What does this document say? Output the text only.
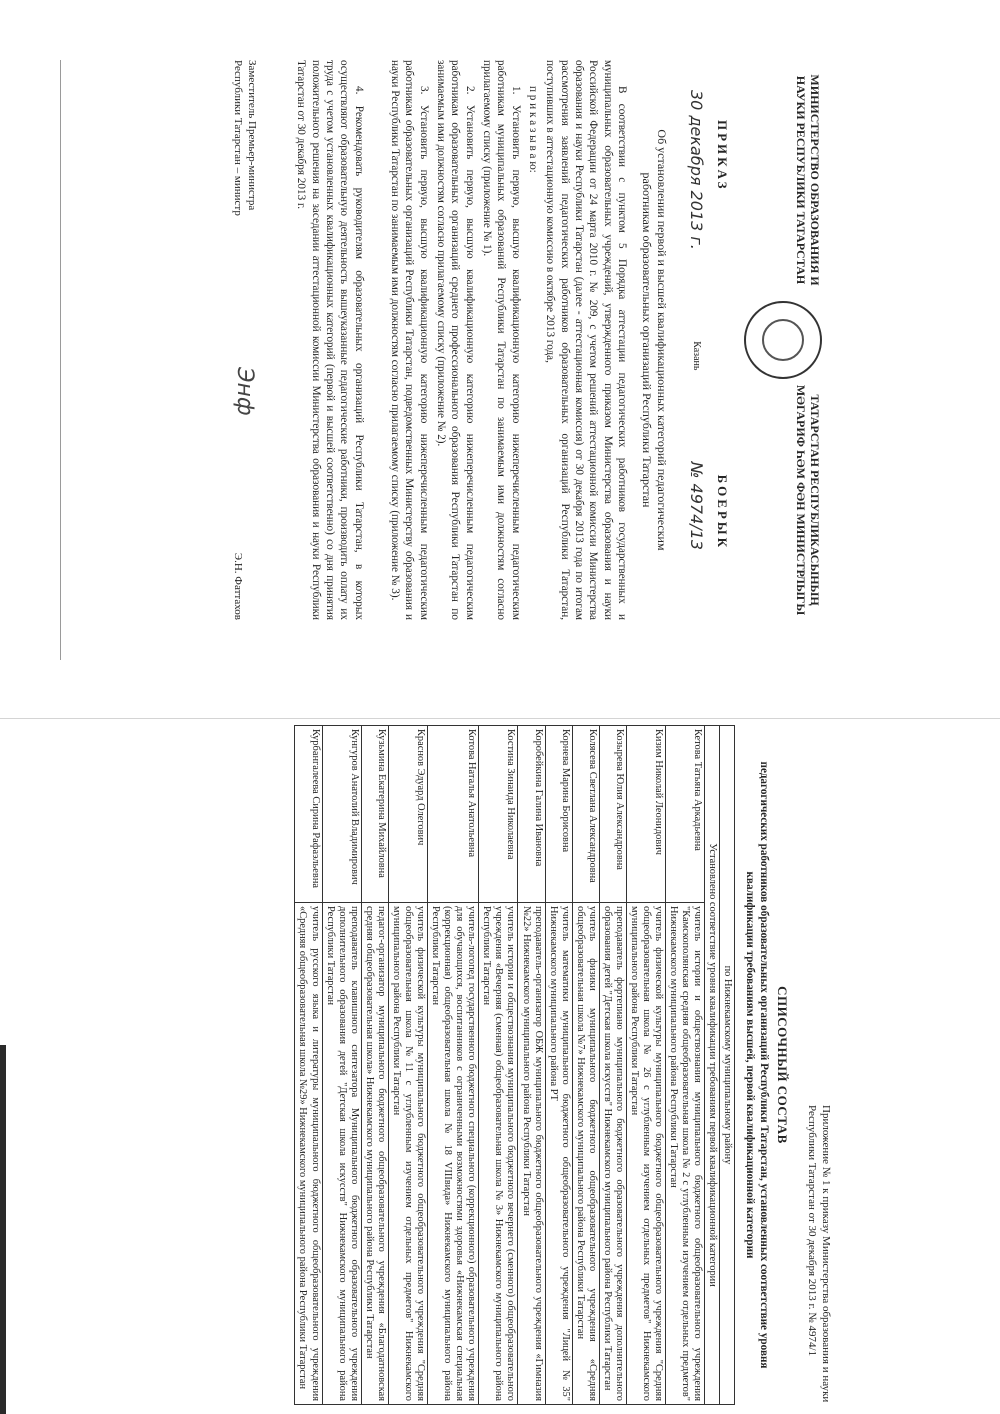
МИНИСТЕРСТВО ОБРАЗОВАНИЯ И НАУКИ РЕСПУБЛИКИ ТАТАРСТАН
ТАТАРСТАН РЕСПУБЛИКАСЫНЫҢ МӘГАРИФ ҺӘМ ФӘН МИНИСТРЛЫГЫ
ПРИКАЗ
БОЕРЫК
30 декабря 2013 г.
Казань
№ 4974/13
Об установлении первой и высшей квалификационных категорий педагогическим работникам образовательных организаций Республики Татарстан

В соответствии с пунктом 5 Порядка аттестации педагогических работников государственных и муниципальных образовательных учреждений, утвержденного приказом Министерства образования и науки Российской Федерации от 24 марта 2010 г. № 209, с учетом решений аттестационной комиссии Министерства образования и науки Республики Татарстан (далее - аттестационная комиссия) от 30 декабря 2013 года по итогам рассмотрения заявлений педагогических работников образовательных организаций Республики Татарстан, поступивших в аттестационную комиссию в октябре 2013 года,

п р и к а з ы в а ю:

1. Установить первую, высшую квалификационную категорию нижеперечисленным педагогическим работникам муниципальных образований Республики Татарстан по занимаемым ими должностям согласно прилагаемому списку (приложение № 1).

2. Установить первую, высшую квалификационную категорию нижеперечисленным педагогическим работникам образовательных организаций среднего профессионального образования Республики Татарстан по занимаемым ими должностям согласно прилагаемому списку (приложение № 2).

3. Установить первую, высшую квалификационную категорию нижеперечисленным педагогическим работникам образовательных организаций Республики Татарстан, подведомственных Министерству образования и науки Республики Татарстан по занимаемым ими должностям согласно прилагаемому списку (приложение № 3).

4. Рекомендовать руководителям образовательных организаций Республики Татарстан, в которых осуществляют образовательную деятельность вышеуказанные педагогические работники, производить оплату их труда с учетом установленных квалификационных категорий (первой и высшей соответственно) со дня принятия положительного решения на заседании аттестационной комиссии Министерства образования и науки Республики Татарстан от 30 декабря 2013 г.

Заместитель Премьер-министра Республики Татарстан – министр
Энф
Э.Н. Фаттахов
Приложение № 1 к приказу Министерства образования и науки Республики Татарстан от 30 декабря 2013 г. № 4974/1
СПИСОЧНЫЙ СОСТАВ
педагогических работников образовательных организаций Республики Татарстан, установленных соответствие уровня квалификации требованиям высшей, первой квалификационной категории
по Нижнекамскому муниципальному району	
Установлено соответствие уровня квалификации требованиям первой квалификационной категории	
Кетова Татьяна Аркадьевна	учитель истории и обществознания муниципального бюджетного общеобразовательного учреждения "Камскополянская средняя общеобразовательная школа № 2 с углубленным изучением отдельных предметов" Нижнекамского муниципального района Республики Татарстан
Кизим Николай Леонидович	учитель физической культуры муниципального бюджетного общеобразовательного учреждения "Средняя общеобразовательная школа № 26 с углубленным изучением отдельных предметов" Нижнекамского муниципального района Республики Татарстан
Козырева Юлия Александровна	преподаватель фортепиано муниципального бюджетного образовательного учреждения дополнительного образования детей "Детская школа искусств" Нижнекамского муниципального района Республики Татарстан
Колясева Светлана Александровна	учитель физики муниципального бюджетного общеобразовательного учреждения «Средняя общеобразовательная школа №7» Нижнекамского муниципального района Республики Татарстан
Корнева Марина Борисовна	учитель математики муниципального бюджетного общеобразовательного учреждения "Лицей №35" Нижнекамского муниципального района РТ
Коробейкина Галина Ивановна	преподаватель-организатор ОБЖ муниципального бюджетного общеобразовательного учреждения «Гимназия №22» Нижнекамского муниципального района Республики Татарстан
Костина Зинаида Николаевна	учитель истории и обществознания муниципального бюджетного вечернего (сменного) общеобразовательного учреждения «Вечерняя (сменная) общеобразовательная школа № 3» Нижнекамского муниципального района Республики Татарстан
Котова Наталья Анатольевна	учитель-логопед государственного бюджетного специального (коррекционного) образовательного учреждения для обучающихся, воспитанников с ограниченными возможностями здоровья «Нижнекамская специальная (коррекционная) общеобразовательная школа № 18 VIIIвида» Нижнекамского муниципального района Республики Татарстан
Краснов Эдуард Олегович	учитель физической культуры муниципального бюджетного общеобразовательного учреждения "Средняя общеобразовательная школа №11 с углубленным изучением отдельных предметов" Нижнекамского муниципального района Республики Татарстан
Кузьмина Екатерина Михайловна	педагог-организатор муниципального бюджетного общеобразовательного учреждения «Благодатновская средняя общеобразовательная школа» Нижнекамского муниципального района Республики Татарстан
Кунгуров Анатолий Владимирович	преподаватель клавишного синтезатора Муниципального бюджетного образовательного учреждения дополнительного образования детей "Детская школа искусств" Нижнекамского муниципального района Республики Татарстан
Курбангалеева Сирина Рафаэльевна	учитель русского языка и литературы муниципального бюджетного общеобразовательного учреждения «Средняя общеобразовательная школа №29» Нижнекамского муниципального района Республики Татарстан
